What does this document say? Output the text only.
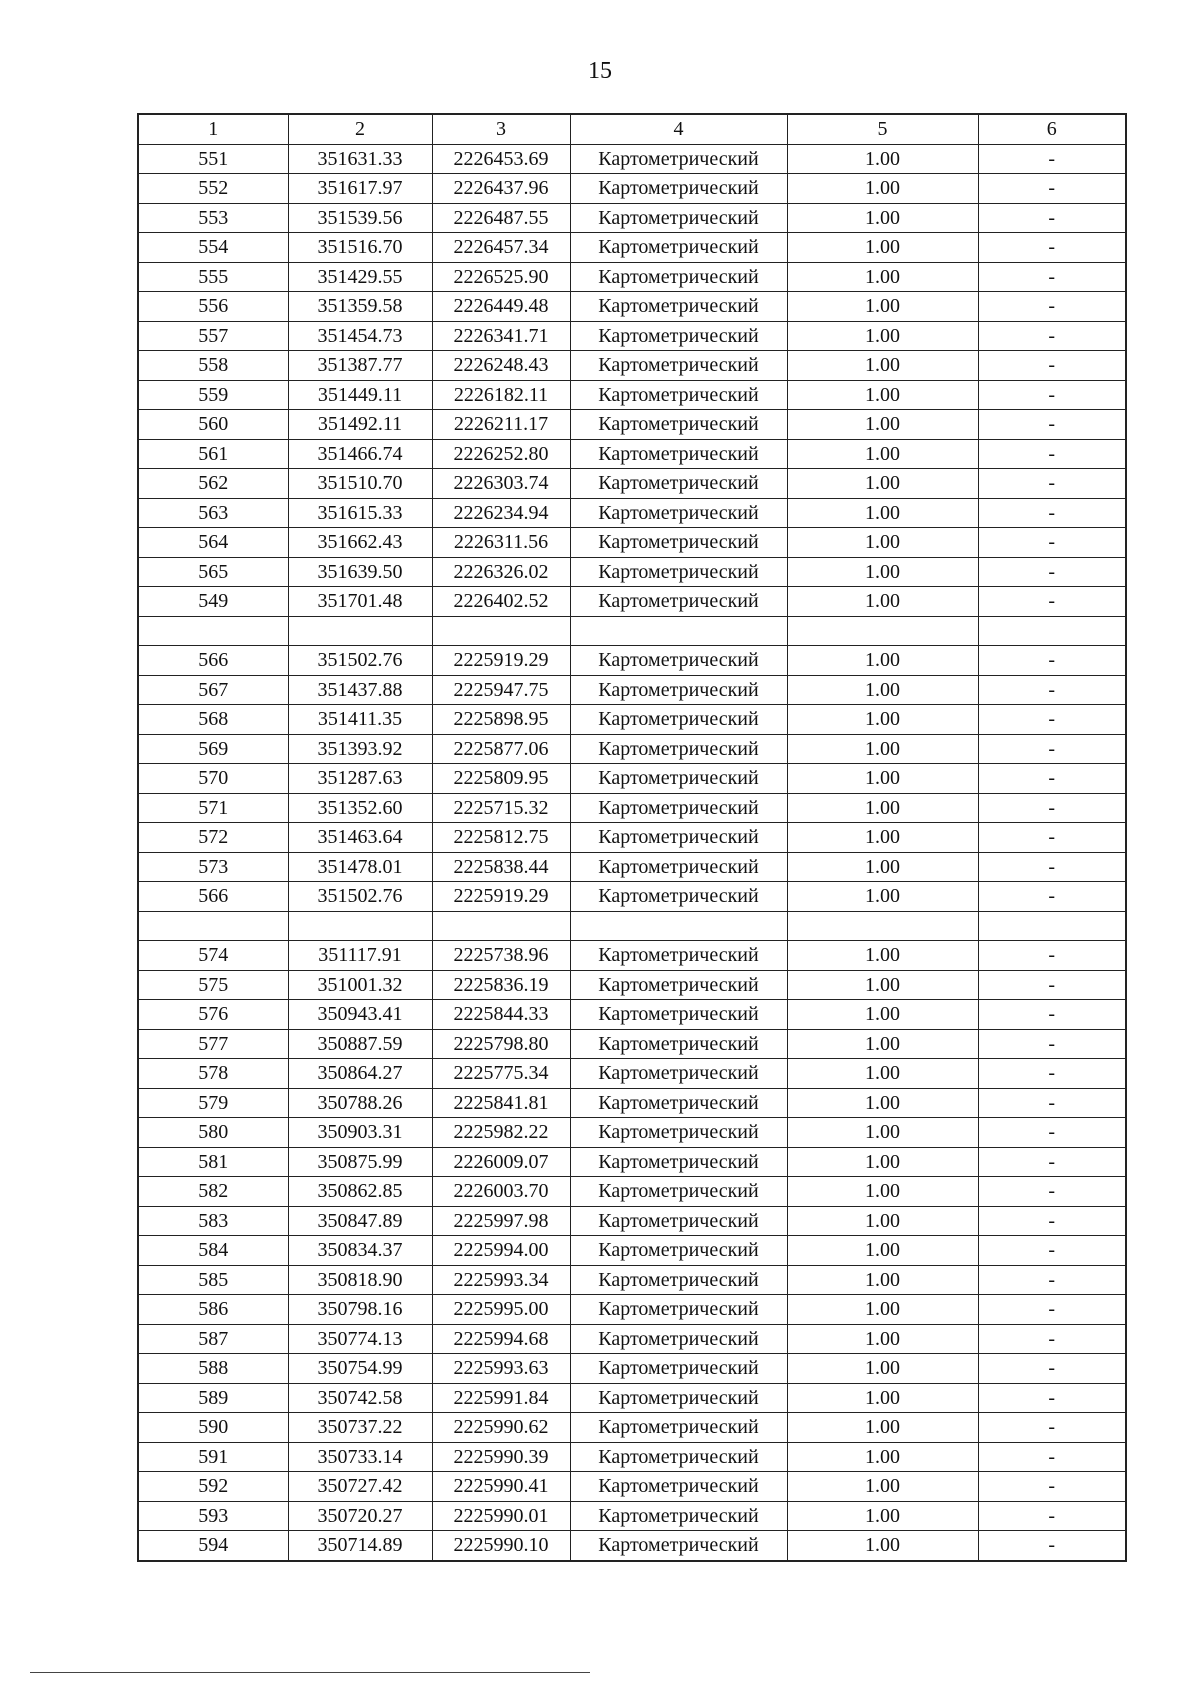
15
1	2	3	4	5	6
551	351631.33	2226453.69	Картометрический	1.00	-
552	351617.97	2226437.96	Картометрический	1.00	-
553	351539.56	2226487.55	Картометрический	1.00	-
554	351516.70	2226457.34	Картометрический	1.00	-
555	351429.55	2226525.90	Картометрический	1.00	-
556	351359.58	2226449.48	Картометрический	1.00	-
557	351454.73	2226341.71	Картометрический	1.00	-
558	351387.77	2226248.43	Картометрический	1.00	-
559	351449.11	2226182.11	Картометрический	1.00	-
560	351492.11	2226211.17	Картометрический	1.00	-
561	351466.74	2226252.80	Картометрический	1.00	-
562	351510.70	2226303.74	Картометрический	1.00	-
563	351615.33	2226234.94	Картометрический	1.00	-
564	351662.43	2226311.56	Картометрический	1.00	-
565	351639.50	2226326.02	Картометрический	1.00	-
549	351701.48	2226402.52	Картометрический	1.00	-

566	351502.76	2225919.29	Картометрический	1.00	-
567	351437.88	2225947.75	Картометрический	1.00	-
568	351411.35	2225898.95	Картометрический	1.00	-
569	351393.92	2225877.06	Картометрический	1.00	-
570	351287.63	2225809.95	Картометрический	1.00	-
571	351352.60	2225715.32	Картометрический	1.00	-
572	351463.64	2225812.75	Картометрический	1.00	-
573	351478.01	2225838.44	Картометрический	1.00	-
566	351502.76	2225919.29	Картометрический	1.00	-

574	351117.91	2225738.96	Картометрический	1.00	-
575	351001.32	2225836.19	Картометрический	1.00	-
576	350943.41	2225844.33	Картометрический	1.00	-
577	350887.59	2225798.80	Картометрический	1.00	-
578	350864.27	2225775.34	Картометрический	1.00	-
579	350788.26	2225841.81	Картометрический	1.00	-
580	350903.31	2225982.22	Картометрический	1.00	-
581	350875.99	2226009.07	Картометрический	1.00	-
582	350862.85	2226003.70	Картометрический	1.00	-
583	350847.89	2225997.98	Картометрический	1.00	-
584	350834.37	2225994.00	Картометрический	1.00	-
585	350818.90	2225993.34	Картометрический	1.00	-
586	350798.16	2225995.00	Картометрический	1.00	-
587	350774.13	2225994.68	Картометрический	1.00	-
588	350754.99	2225993.63	Картометрический	1.00	-
589	350742.58	2225991.84	Картометрический	1.00	-
590	350737.22	2225990.62	Картометрический	1.00	-
591	350733.14	2225990.39	Картометрический	1.00	-
592	350727.42	2225990.41	Картометрический	1.00	-
593	350720.27	2225990.01	Картометрический	1.00	-
594	350714.89	2225990.10	Картометрический	1.00	-
